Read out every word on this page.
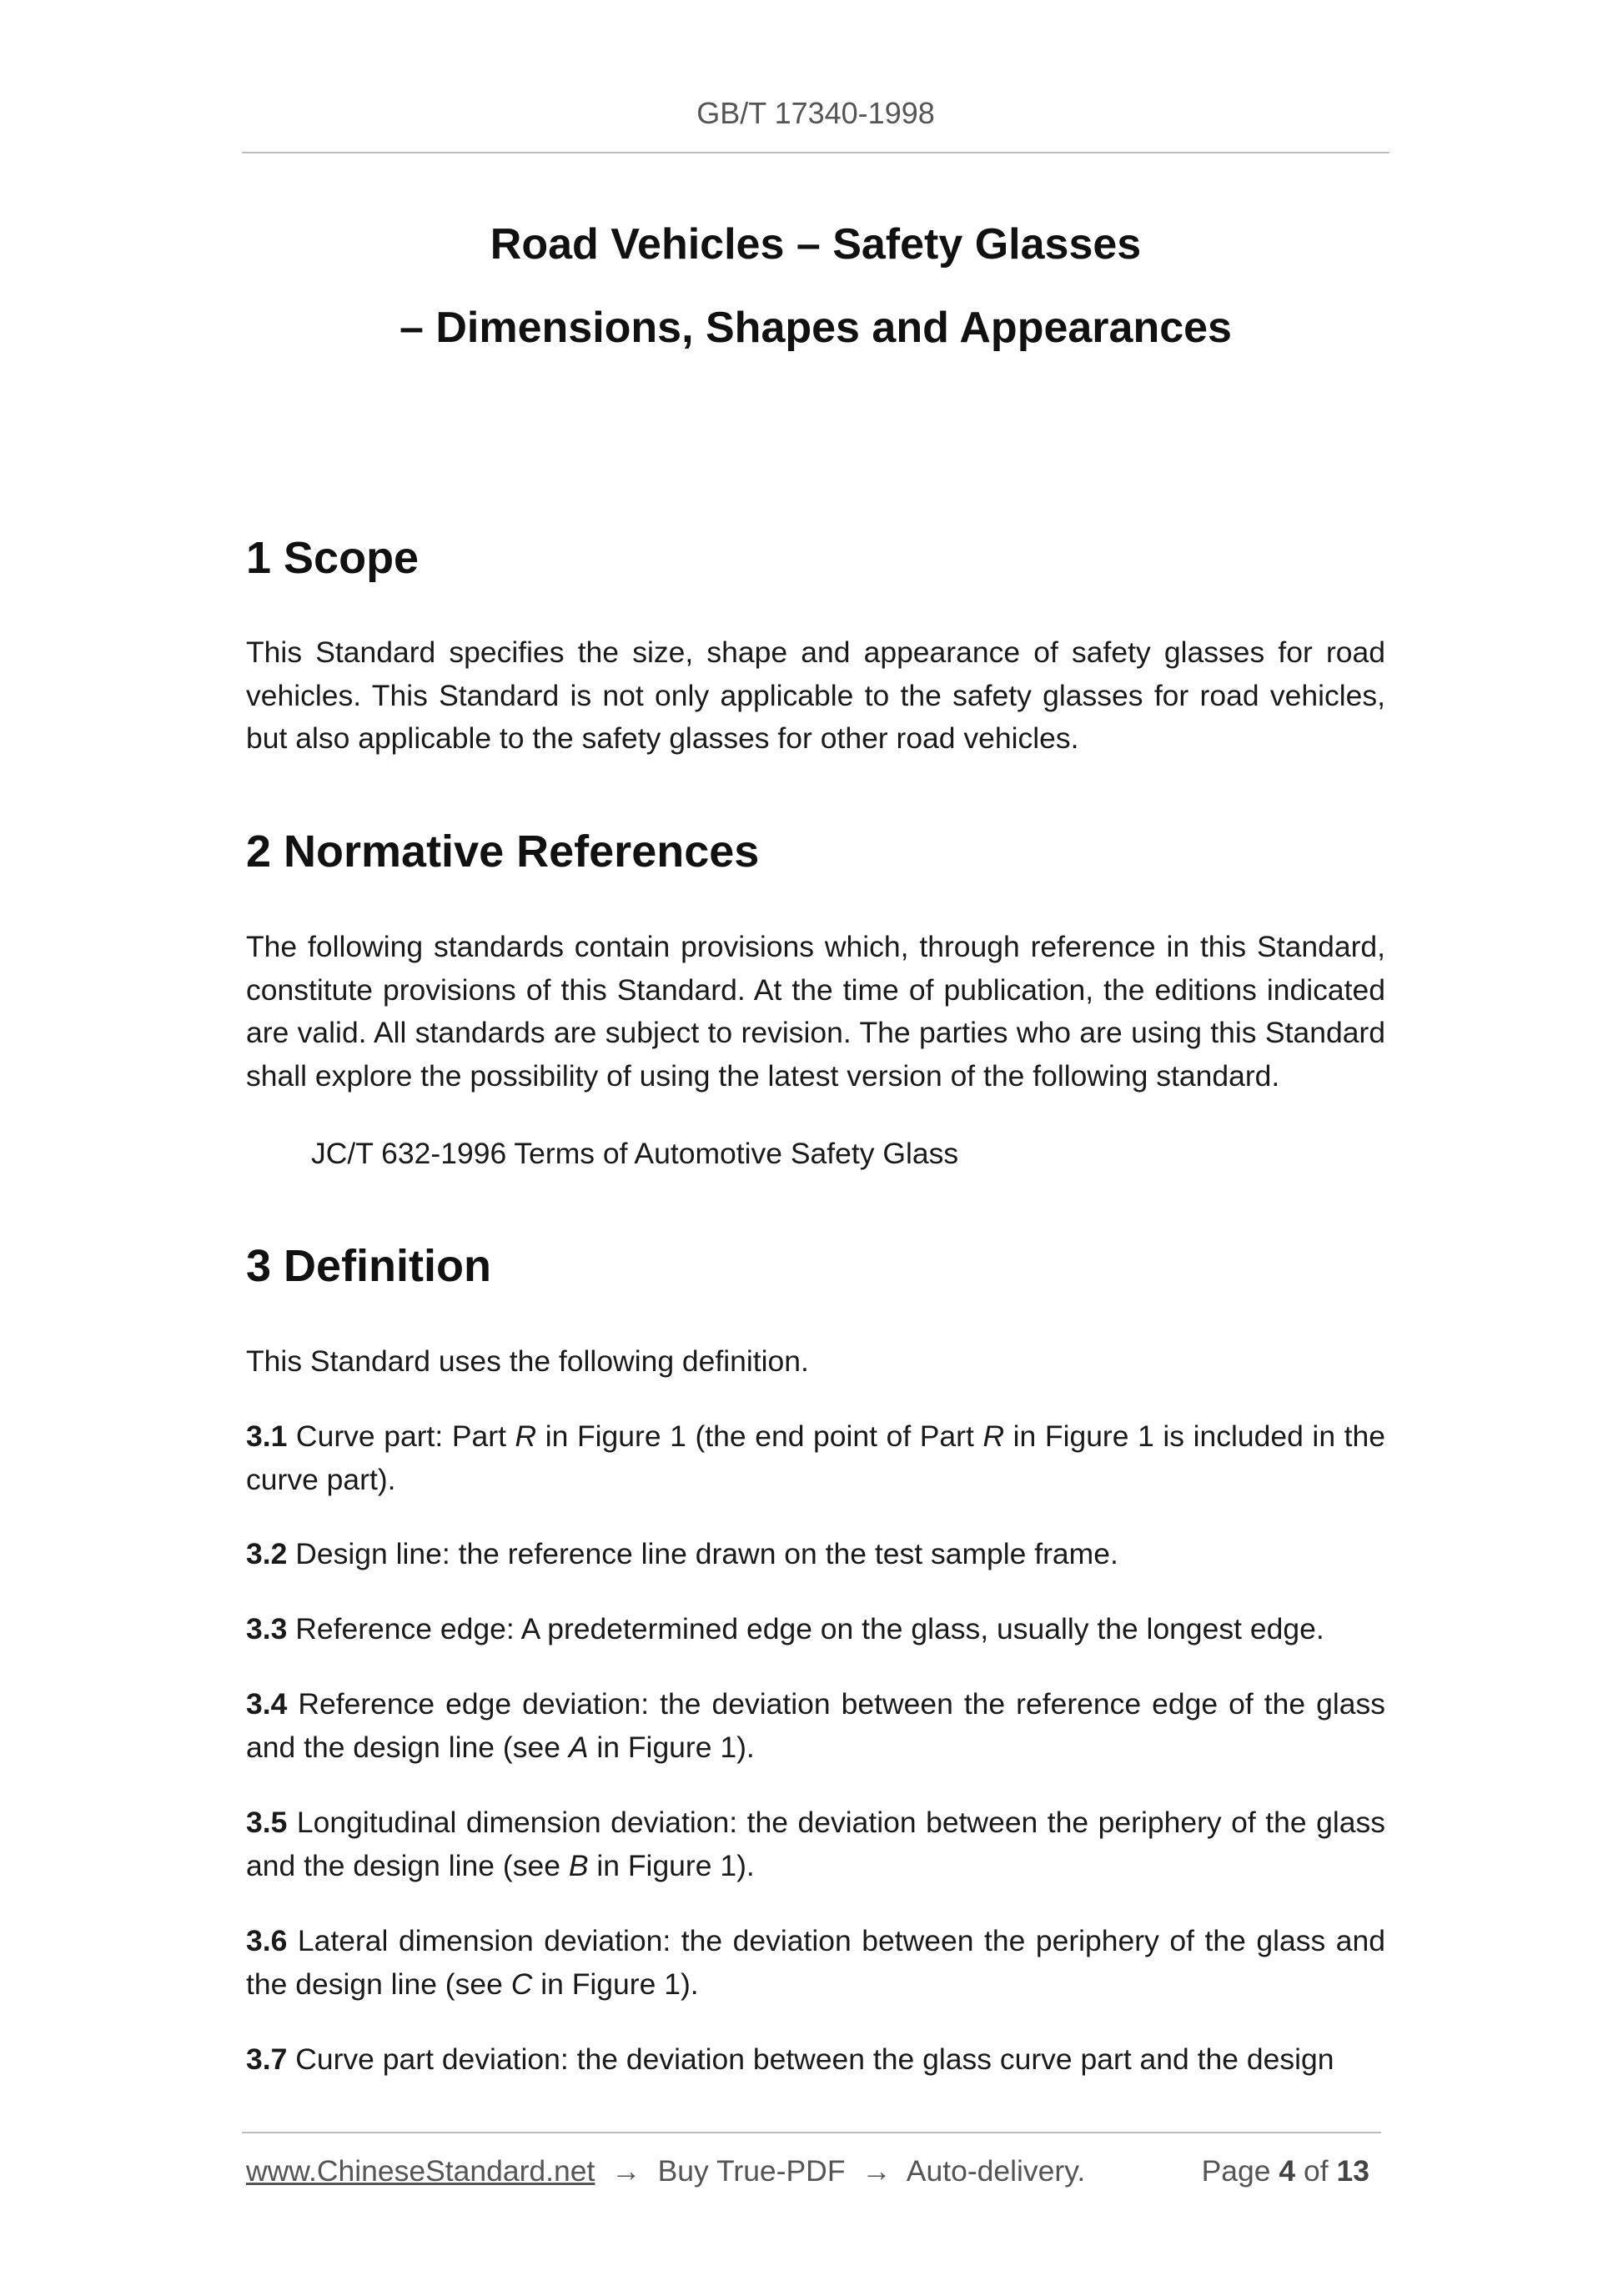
GB/T 17340-1998
Road Vehicles – Safety Glasses
– Dimensions, Shapes and Appearances
1 Scope

This Standard specifies the size, shape and appearance of safety glasses for road vehicles. This Standard is not only applicable to the safety glasses for road vehicles, but also applicable to the safety glasses for other road vehicles.

2 Normative References

The following standards contain provisions which, through reference in this Standard, constitute provisions of this Standard. At the time of publication, the editions indicated are valid. All standards are subject to revision. The parties who are using this Standard shall explore the possibility of using the latest version of the following standard.

JC/T 632-1996 Terms of Automotive Safety Glass

3 Definition

This Standard uses the following definition.

3.1 Curve part: Part R in Figure 1 (the end point of Part R in Figure 1 is included in the curve part).

3.2 Design line: the reference line drawn on the test sample frame.

3.3 Reference edge: A predetermined edge on the glass, usually the longest edge.

3.4 Reference edge deviation: the deviation between the reference edge of the glass and the design line (see A in Figure 1).

3.5 Longitudinal dimension deviation: the deviation between the periphery of the glass and the design line (see B in Figure 1).

3.6 Lateral dimension deviation: the deviation between the periphery of the glass and the design line (see C in Figure 1).

3.7 Curve part deviation: the deviation between the glass curve part and the design

www.ChineseStandard.net → Buy True-PDF → Auto-delivery.	Page 4 of 13
